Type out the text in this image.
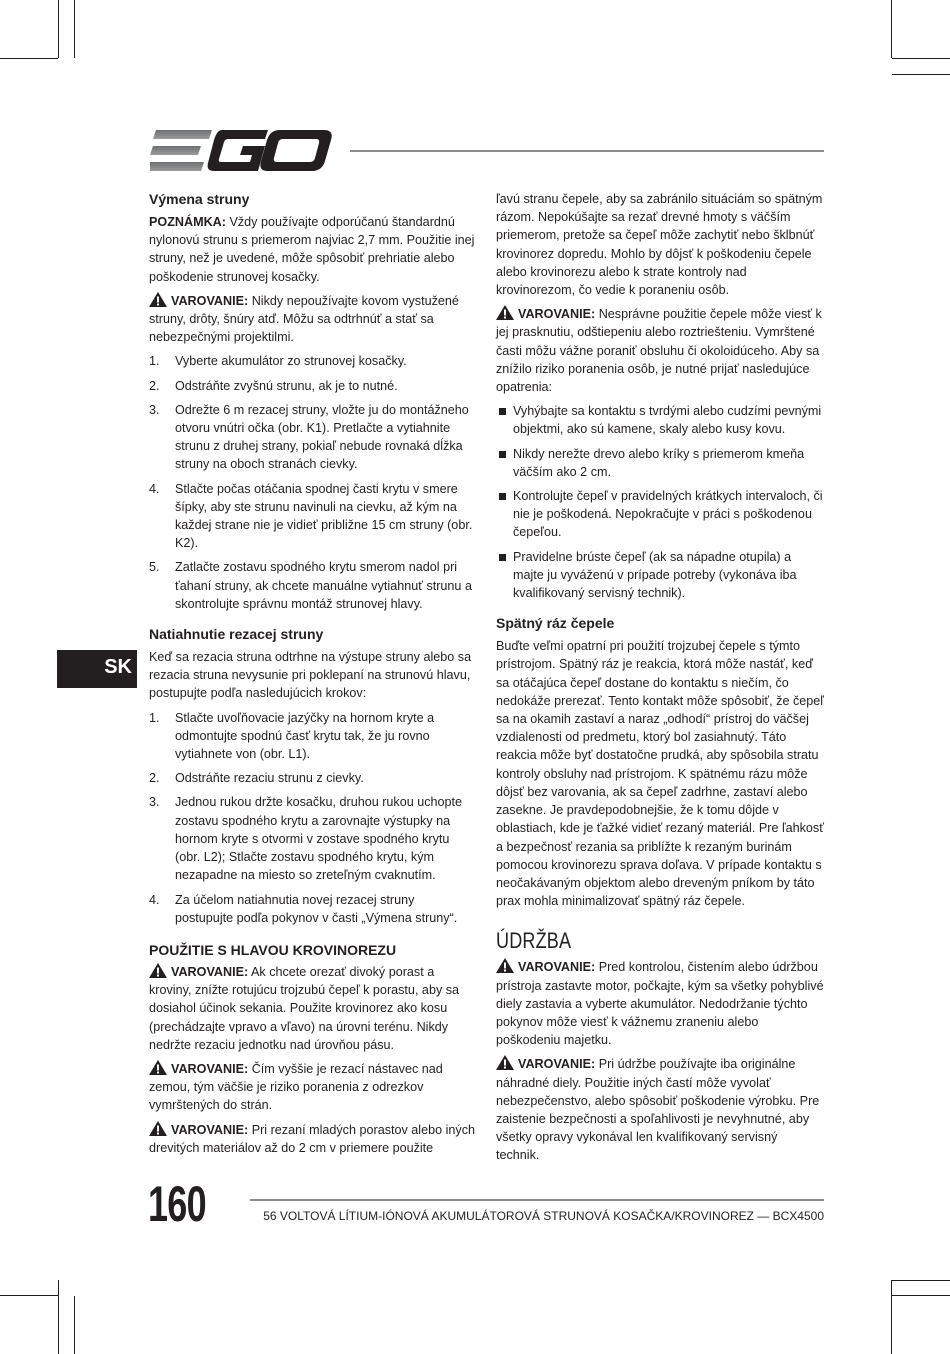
SK
Výmena struny

POZNÁMKA: Vždy používajte odporúčanú štandardnú nylonovú strunu s priemerom najviac 2,7 mm. Použitie inej struny, než je uvedené, môže spôsobiť prehriatie alebo poškodenie strunovej kosačky.

VAROVANIE: Nikdy nepoužívajte kovom vystužené struny, drôty, šnúry atď. Môžu sa odtrhnúť a stať sa nebezpečnými projektilmi.

1. Vyberte akumulátor zo strunovej kosačky.
2. Odstráňte zvyšnú strunu, ak je to nutné.
3. Odrežte 6 m rezacej struny, vložte ju do montážneho otvoru vnútri očka (obr. K1). Pretlačte a vytiahnite strunu z druhej strany, pokiaľ nebude rovnaká dĺžka struny na oboch stranách cievky.
4. Stlačte počas otáčania spodnej časti krytu v smere šípky, aby ste strunu navinuli na cievku, až kým na každej strane nie je vidieť približne 15 cm struny (obr. K2).
5. Zatlačte zostavu spodného krytu smerom nadol pri ťahaní struny, ak chcete manuálne vytiahnuť strunu a skontrolujte správnu montáž strunovej hlavy.
Natiahnutie rezacej struny

Keď sa rezacia struna odtrhne na výstupe struny alebo sa rezacia struna nevysunie pri poklepaní na strunovú hlavu, postupujte podľa nasledujúcich krokov:

1. Stlačte uvoľňovacie jazýčky na hornom kryte a odmontujte spodnú časť krytu tak, že ju rovno vytiahnete von (obr. L1).
2. Odstráňte rezaciu strunu z cievky.
3. Jednou rukou držte kosačku, druhou rukou uchopte zostavu spodného krytu a zarovnajte výstupky na hornom kryte s otvormi v zostave spodného krytu (obr. L2); Stlačte zostavu spodného krytu, kým nezapadne na miesto so zreteľným cvaknutím.
4. Za účelom natiahnutia novej rezacej struny postupujte podľa pokynov v časti „Výmena struny“.
POUŽITIE S HLAVOU KROVINOREZU

VAROVANIE: Ak chcete orezať divoký porast a kroviny, znížte rotujúcu trojzubú čepeľ k porastu, aby sa dosiahol účinok sekania. Použite krovinorez ako kosu (prechádzajte vpravo a vľavo) na úrovni terénu. Nikdy nedržte rezaciu jednotku nad úrovňou pásu.

VAROVANIE: Čím vyššie je rezací nástavec nad zemou, tým väčšie je riziko poranenia z odrezkov vymrštených do strán.

VAROVANIE: Pri rezaní mladých porastov alebo iných drevitých materiálov až do 2 cm v priemere použite

ľavú stranu čepele, aby sa zabránilo situáciám so spätným rázom. Nepokúšajte sa rezať drevné hmoty s väčším priemerom, pretože sa čepeľ môže zachytiť nebo šklbnúť krovinorez dopredu. Mohlo by dôjsť k poškodeniu čepele alebo krovinorezu alebo k strate kontroly nad krovinorezom, čo vedie k poraneniu osôb.

VAROVANIE: Nesprávne použitie čepele môže viesť k jej prasknutiu, odštiepeniu alebo roztriešteniu. Vymrštené časti môžu vážne poraniť obsluhu či okoloidúceho. Aby sa znížilo riziko poranenia osôb, je nutné prijať nasledujúce opatrenia:

Vyhýbajte sa kontaktu s tvrdými alebo cudzími pevnými objektmi, ako sú kamene, skaly alebo kusy kovu.
Nikdy nerežte drevo alebo kríky s priemerom kmeňa väčším ako 2 cm.
Kontrolujte čepeľ v pravidelných krátkych intervaloch, či nie je poškodená. Nepokračujte v práci s poškodenou čepeľou.
Pravidelne brúste čepeľ (ak sa nápadne otupila) a majte ju vyváženú v prípade potreby (vykonáva iba kvalifikovaný servisný technik).
Spätný ráz čepele

Buďte veľmi opatrní pri použití trojzubej čepele s týmto prístrojom. Spätný ráz je reakcia, ktorá môže nastáť, keď sa otáčajúca čepeľ dostane do kontaktu s niečím, čo nedokáže prerezať. Tento kontakt môže spôsobiť, že čepeľ sa na okamih zastaví a naraz „odhodí“ prístroj do väčšej vzdialenosti od predmetu, ktorý bol zasiahnutý. Táto reakcia môže byť dostatočne prudká, aby spôsobila stratu kontroly obsluhy nad prístrojom. K spätnému rázu môže dôjsť bez varovania, ak sa čepeľ zadrhne, zastaví alebo zasekne. Je pravdepodobnejšie, že k tomu dôjde v oblastiach, kde je ťažké vidieť rezaný materiál. Pre ľahkosť a bezpečnosť rezania sa priblížte k rezaným burinám pomocou krovinorezu sprava doľava. V prípade kontaktu s neočakávaným objektom alebo dreveným pníkom by táto prax mohla minimalizovať spätný ráz čepele.

ÚDRŽBA

VAROVANIE: Pred kontrolou, čistením alebo údržbou prístroja zastavte motor, počkajte, kým sa všetky pohyblivé diely zastavia a vyberte akumulátor. Nedodržanie týchto pokynov môže viesť k vážnemu zraneniu alebo poškodeniu majetku.

VAROVANIE: Pri údržbe používajte iba originálne náhradné diely. Použitie iných častí môže vyvolať nebezpečenstvo, alebo spôsobiť poškodenie výrobku. Pre zaistenie bezpečnosti a spoľahlivosti je nevyhnutné, aby všetky opravy vykonával len kvalifikovaný servisný technik.

160	56 VOLTOVÁ LÍTIUM-IÓNOVÁ AKUMULÁTOROVÁ STRUNOVÁ KOSAČKA/KROVINOREZ — BCX4500
